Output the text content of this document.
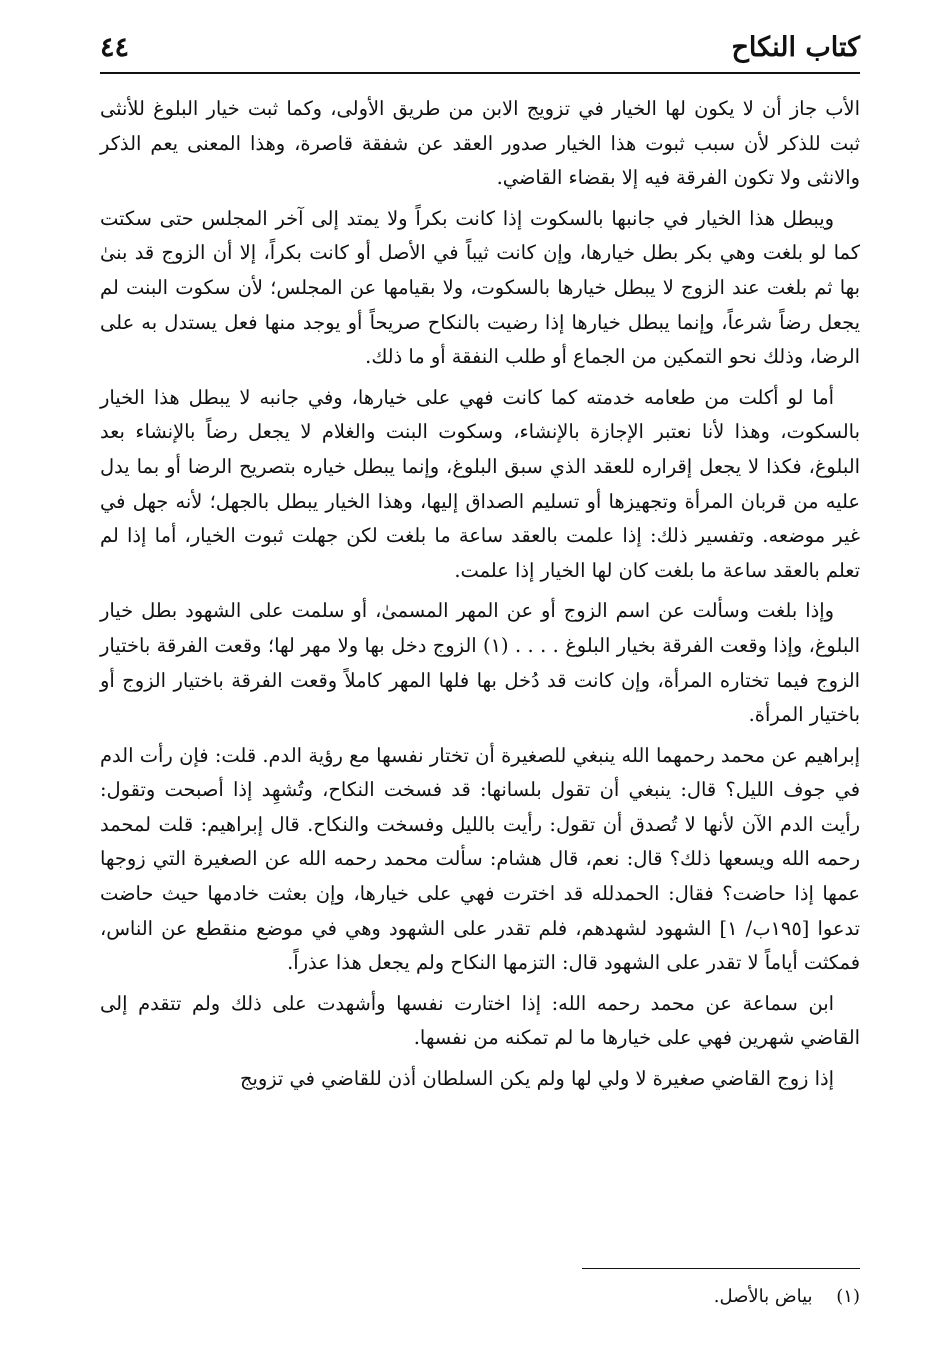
كتاب النكاح
٤٤

الأب جاز أن لا يكون لها الخيار في تزويج الابن من طريق الأولى، وكما ثبت خيار البلوغ للأنثى ثبت للذكر لأن سبب ثبوت هذا الخيار صدور العقد عن شفقة قاصرة، وهذا المعنى يعم الذكر والانثى ولا تكون الفرقة فيه إلا بقضاء القاضي.

ويبطل هذا الخيار في جانبها بالسكوت إذا كانت بكراً ولا يمتد إلى آخر المجلس حتى سكتت كما لو بلغت وهي بكر بطل خيارها، وإن كانت ثيباً في الأصل أو كانت بكراً، إلا أن الزوج قد بنىٰ بها ثم بلغت عند الزوج لا يبطل خيارها بالسكوت، ولا بقيامها عن المجلس؛ لأن سكوت البنت لم يجعل رضاً شرعاً، وإنما يبطل خيارها إذا رضيت بالنكاح صريحاً أو يوجد منها فعل يستدل به على الرضا، وذلك نحو التمكين من الجماع أو طلب النفقة أو ما ذلك.

أما لو أكلت من طعامه خدمته كما كانت فهي على خيارها، وفي جانبه لا يبطل هذا الخيار بالسكوت، وهذا لأنا نعتبر الإجازة بالإنشاء، وسكوت البنت والغلام لا يجعل رضاً بالإنشاء بعد البلوغ، فكذا لا يجعل إقراره للعقد الذي سبق البلوغ، وإنما يبطل خياره بتصريح الرضا أو بما يدل عليه من قربان المرأة وتجهيزها أو تسليم الصداق إليها، وهذا الخيار يبطل بالجهل؛ لأنه جهل في غير موضعه. وتفسير ذلك: إذا علمت بالعقد ساعة ما بلغت لكن جهلت ثبوت الخيار، أما إذا لم تعلم بالعقد ساعة ما بلغت كان لها الخيار إذا علمت.

وإذا بلغت وسألت عن اسم الزوج أو عن المهر المسمىٰ، أو سلمت على الشهود بطل خيار البلوغ، وإذا وقعت الفرقة بخيار البلوغ . . . . (١) الزوج دخل بها ولا مهر لها؛ وقعت الفرقة باختيار الزوج فيما تختاره المرأة، وإن كانت قد دُخل بها فلها المهر كاملاً وقعت الفرقة باختيار الزوج أو باختيار المرأة.

إبراهيم عن محمد رحمهما الله ينبغي للصغيرة أن تختار نفسها مع رؤية الدم. قلت: فإن رأت الدم في جوف الليل؟ قال: ينبغي أن تقول بلسانها: قد فسخت النكاح، وتُشهِد إذا أصبحت وتقول: رأيت الدم الآن لأنها لا تُصدق أن تقول: رأيت بالليل وفسخت والنكاح. قال إبراهيم: قلت لمحمد رحمه الله ويسعها ذلك؟ قال: نعم، قال هشام: سألت محمد رحمه الله عن الصغيرة التي زوجها عمها إذا حاضت؟ فقال: الحمدلله قد اخترت فهي على خيارها، وإن بعثت خادمها حيث حاضت تدعوا [١٩٥ب/ ١] الشهود لشهدهم، فلم تقدر على الشهود وهي في موضع منقطع عن الناس، فمكثت أياماً لا تقدر على الشهود قال: التزمها النكاح ولم يجعل هذا عذراً.

ابن سماعة عن محمد رحمه الله: إذا اختارت نفسها وأشهدت على ذلك ولم تتقدم إلى القاضي شهرين فهي على خيارها ما لم تمكنه من نفسها.

إذا زوج القاضي صغيرة لا ولي لها ولم يكن السلطان أذن للقاضي في تزويج

(١) بياض بالأصل.
